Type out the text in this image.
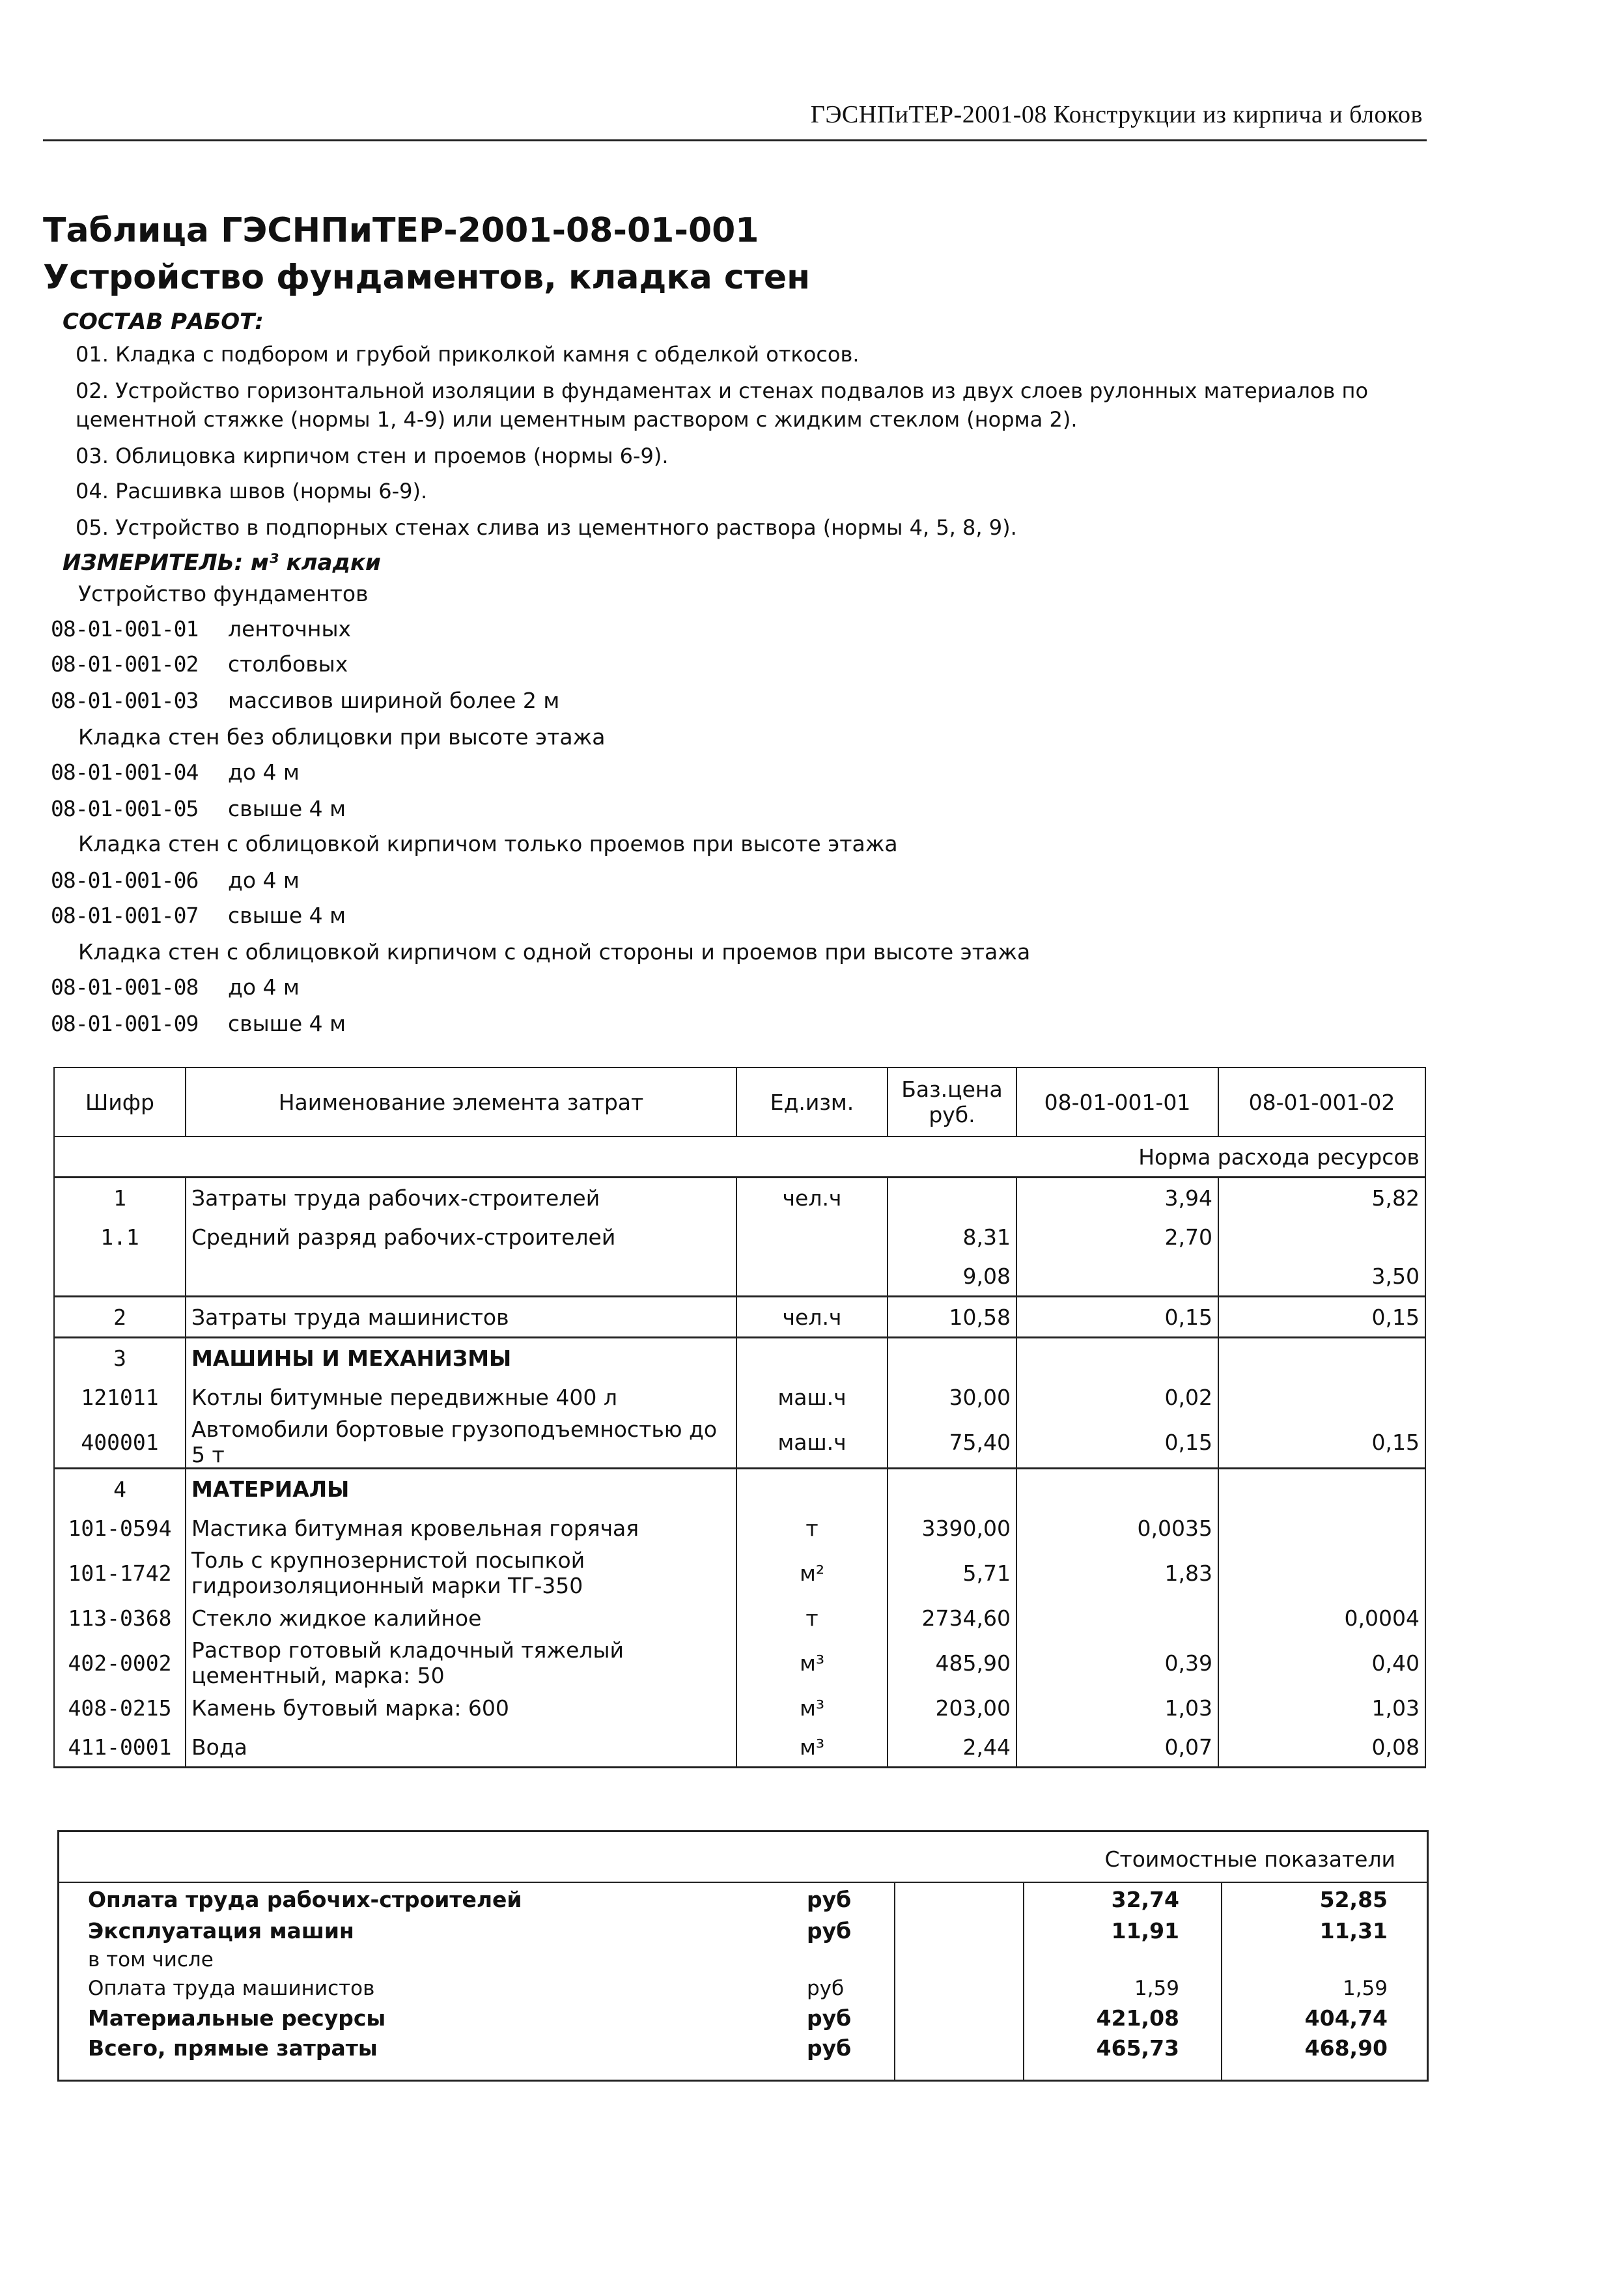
ГЭСНПиТЕР-2001-08 Конструкции из кирпича и блоков
Таблица ГЭСНПиТЕР-2001-08-01-001
Устройство фундаментов, кладка стен
СОСТАВ РАБОТ:
01. Кладка с подбором и грубой приколкой камня с обделкой откосов.
02. Устройство горизонтальной изоляции в фундаментах и стенах подвалов из двух слоев рулонных материалов по цементной стяжке (нормы 1, 4-9) или цементным раствором с жидким стеклом (норма 2).
03. Облицовка кирпичом стен и проемов (нормы 6-9).
04. Расшивка швов (нормы 6-9).
05. Устройство в подпорных стенах слива из цементного раствора (нормы 4, 5, 8, 9).
ИЗМЕРИТЕЛЬ: м³ кладки
Устройство фундаментов
08-01-001-01 ленточных
08-01-001-02 столбовых
08-01-001-03 массивов шириной более 2 м
Кладка стен без облицовки при высоте этажа
08-01-001-04 до 4 м
08-01-001-05 свыше 4 м
Кладка стен с облицовкой кирпичом только проемов при высоте этажа
08-01-001-06 до 4 м
08-01-001-07 свыше 4 м
Кладка стен с облицовкой кирпичом с одной стороны и проемов при высоте этажа
08-01-001-08 до 4 м
08-01-001-09 свыше 4 м
Шифр	Наименование элемента затрат	Ед.изм.	Баз.цена руб.	08-01-001-01	08-01-001-02
Норма расхода ресурсов					
1	Затраты труда рабочих-строителей	чел.ч		3,94	5,82
1.1	Средний разряд рабочих-строителей		8,31	2,70	
			9,08		3,50
2	Затраты труда машинистов	чел.ч	10,58	0,15	0,15
3	МАШИНЫ И МЕХАНИЗМЫ				
121011	Котлы битумные передвижные 400 л	маш.ч	30,00	0,02	
400001	Автомобили бортовые грузоподъемностью до 5 т	маш.ч	75,40	0,15	0,15
4	МАТЕРИАЛЫ				
101-0594	Мастика битумная кровельная горячая	т	3390,00	0,0035	
101-1742	Толь с крупнозернистой посыпкой гидроизоляционный марки ТГ-350	м²	5,71	1,83	
113-0368	Стекло жидкое калийное	т	2734,60		0,0004
402-0002	Раствор готовый кладочный тяжелый цементный, марка: 50	м³	485,90	0,39	0,40
408-0215	Камень бутовый марка: 600	м³	203,00	1,03	1,03
411-0001	Вода	м³	2,44	0,07	0,08
Стоимостные показатели
Оплата труда рабочих-строителей	руб	32,74	52,85
Эксплуатация машин	руб	11,91	11,31
в том числе
Оплата труда машинистов	руб	1,59	1,59
Материальные ресурсы	руб	421,08	404,74
Всего, прямые затраты	руб	465,73	468,90
